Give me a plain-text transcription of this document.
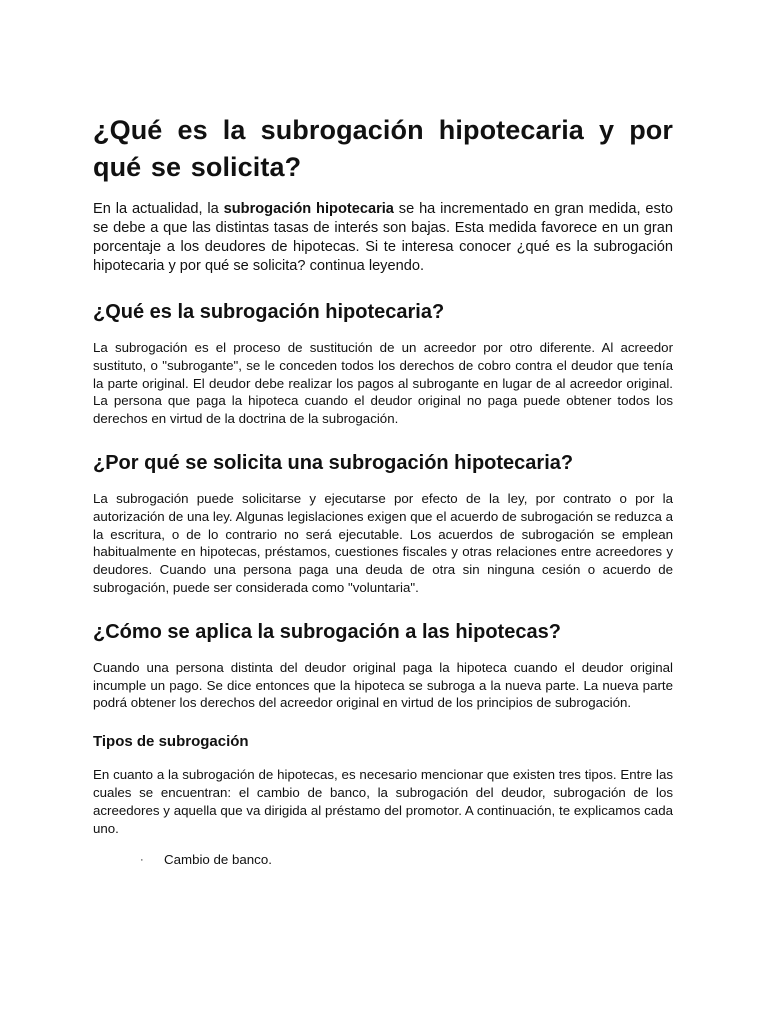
¿Qué es la subrogación hipotecaria y por qué se solicita?

En la actualidad, la subrogación hipotecaria se ha incrementado en gran medida, esto se debe a que las distintas tasas de interés son bajas. Esta medida favorece en un gran porcentaje a los deudores de hipotecas. Si te interesa conocer ¿qué es la subrogación hipotecaria y por qué se solicita? continua leyendo.

¿Qué es la subrogación hipotecaria?

La subrogación es el proceso de sustitución de un acreedor por otro diferente. Al acreedor sustituto, o "subrogante", se le conceden todos los derechos de cobro contra el deudor que tenía la parte original. El deudor debe realizar los pagos al subrogante en lugar de al acreedor original. La persona que paga la hipoteca cuando el deudor original no paga puede obtener todos los derechos en virtud de la doctrina de la subrogación.

¿Por qué se solicita una subrogación hipotecaria?

La subrogación puede solicitarse y ejecutarse por efecto de la ley, por contrato o por la autorización de una ley. Algunas legislaciones exigen que el acuerdo de subrogación se reduzca a la escritura, o de lo contrario no será ejecutable. Los acuerdos de subrogación se emplean habitualmente en hipotecas, préstamos, cuestiones fiscales y otras relaciones entre acreedores y deudores. Cuando una persona paga una deuda de otra sin ninguna cesión o acuerdo de subrogación, puede ser considerada como "voluntaria".

¿Cómo se aplica la subrogación a las hipotecas?

Cuando una persona distinta del deudor original paga la hipoteca cuando el deudor original incumple un pago. Se dice entonces que la hipoteca se subroga a la nueva parte. La nueva parte podrá obtener los derechos del acreedor original en virtud de los principios de subrogación.

Tipos de subrogación

En cuanto a la subrogación de hipotecas, es necesario mencionar que existen tres tipos. Entre las cuales se encuentran: el cambio de banco, la subrogación del deudor, subrogación de los acreedores y aquella que va dirigida al préstamo del promotor. A continuación, te explicamos cada uno.

· Cambio de banco.
